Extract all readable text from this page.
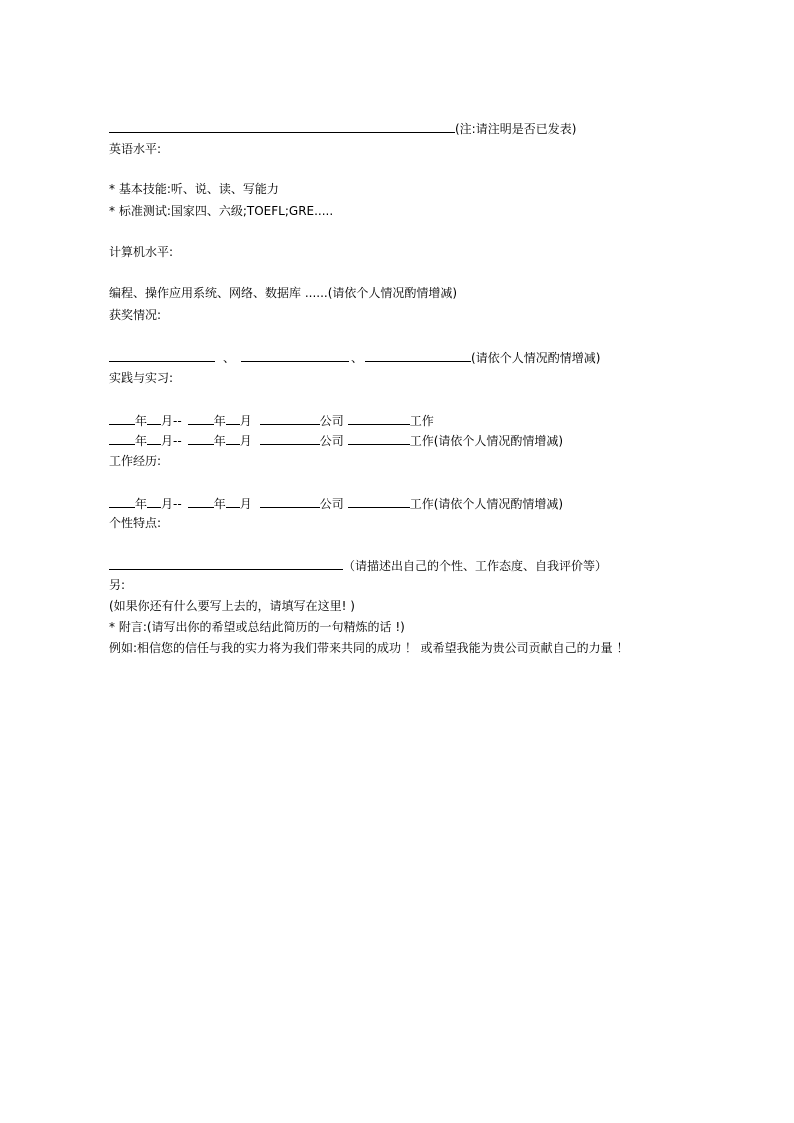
(注:请注明是否已发表)
英语水平:
* 基本技能:听、说、读、写能力
* 标准测试:国家四、六级;TOEFL;GRE.....
计算机水平:
编程、操作应用系统、网络、数据库 ......(请依个人情况酌情增减)
获奖情况:
、	、	(请依个人情况酌情增减)
实践与实习:
年 月--	年 月	公司	工作
年 月--	年 月	公司	工作(请依个人情况酌情增减)
工作经历:
年 月--	年 月	公司	工作(请依个人情况酌情增减)
个性特点:
（请描述出自己的个性、工作态度、自我评价等）
另:
(如果你还有什么要写上去的，请填写在这里! )
* 附言:(请写出你的希望或总结此简历的一句精炼的话 !)
例如:相信您的信任与我的实力将为我们带来共同的成功 ！ 或希望我能为贵公司贡献自己的力量 ！
